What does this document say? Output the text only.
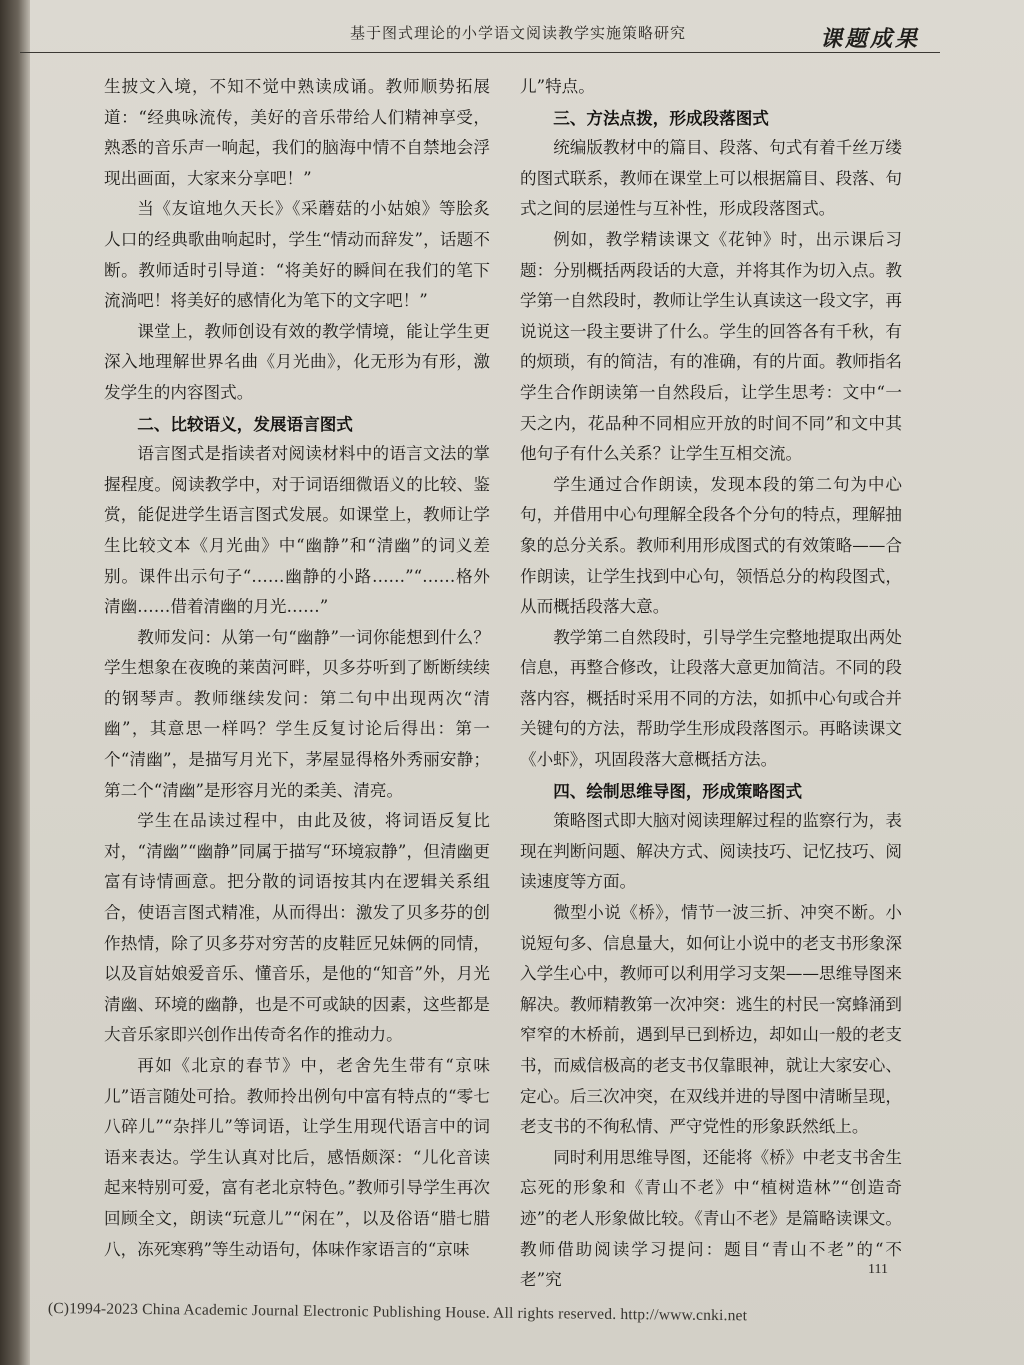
基于图式理论的小学语文阅读教学实施策略研究	课题成果

生披文入境，不知不觉中熟读成诵。教师顺势拓展道：“经典咏流传，美好的音乐带给人们精神享受，熟悉的音乐声一响起，我们的脑海中情不自禁地会浮现出画面，大家来分享吧！”

当《友谊地久天长》《采蘑菇的小姑娘》等脍炙人口的经典歌曲响起时，学生“情动而辞发”，话题不断。教师适时引导道：“将美好的瞬间在我们的笔下流淌吧！将美好的感情化为笔下的文字吧！”

课堂上，教师创设有效的教学情境，能让学生更深入地理解世界名曲《月光曲》，化无形为有形，激发学生的内容图式。

二、比较语义，发展语言图式

语言图式是指读者对阅读材料中的语言文法的掌握程度。阅读教学中，对于词语细微语义的比较、鉴赏，能促进学生语言图式发展。如课堂上，教师让学生比较文本《月光曲》中“幽静”和“清幽”的词义差别。课件出示句子“……幽静的小路……”“……格外清幽……借着清幽的月光……”

教师发问：从第一句“幽静”一词你能想到什么？学生想象在夜晚的莱茵河畔，贝多芬听到了断断续续的钢琴声。教师继续发问：第二句中出现两次“清幽”，其意思一样吗？学生反复讨论后得出：第一个“清幽”，是描写月光下，茅屋显得格外秀丽安静；第二个“清幽”是形容月光的柔美、清亮。

学生在品读过程中，由此及彼，将词语反复比对，“清幽”“幽静”同属于描写“环境寂静”，但清幽更富有诗情画意。把分散的词语按其内在逻辑关系组合，使语言图式精准，从而得出：激发了贝多芬的创作热情，除了贝多芬对穷苦的皮鞋匠兄妹俩的同情，以及盲姑娘爱音乐、懂音乐，是他的“知音”外，月光清幽、环境的幽静，也是不可或缺的因素，这些都是大音乐家即兴创作出传奇名作的推动力。

再如《北京的春节》中，老舍先生带有“京味儿”语言随处可拾。教师拎出例句中富有特点的“零七八碎儿”“杂拌儿”等词语，让学生用现代语言中的词语来表达。学生认真对比后，感悟颇深：“儿化音读起来特别可爱，富有老北京特色。”教师引导学生再次回顾全文，朗读“玩意儿”“闲在”，以及俗语“腊七腊八，冻死寒鸦”等生动语句，体味作家语言的“京味

儿”特点。

三、方法点拨，形成段落图式

统编版教材中的篇目、段落、句式有着千丝万缕的图式联系，教师在课堂上可以根据篇目、段落、句式之间的层递性与互补性，形成段落图式。

例如，教学精读课文《花钟》时，出示课后习题：分别概括两段话的大意，并将其作为切入点。教学第一自然段时，教师让学生认真读这一段文字，再说说这一段主要讲了什么。学生的回答各有千秋，有的烦琐，有的简洁，有的准确，有的片面。教师指名学生合作朗读第一自然段后，让学生思考：文中“一天之内，花品种不同相应开放的时间不同”和文中其他句子有什么关系？让学生互相交流。

学生通过合作朗读，发现本段的第二句为中心句，并借用中心句理解全段各个分句的特点，理解抽象的总分关系。教师利用形成图式的有效策略——合作朗读，让学生找到中心句，领悟总分的构段图式，从而概括段落大意。

教学第二自然段时，引导学生完整地提取出两处信息，再整合修改，让段落大意更加简洁。不同的段落内容，概括时采用不同的方法，如抓中心句或合并关键句的方法，帮助学生形成段落图示。再略读课文《小虾》，巩固段落大意概括方法。

四、绘制思维导图，形成策略图式

策略图式即大脑对阅读理解过程的监察行为，表现在判断问题、解决方式、阅读技巧、记忆技巧、阅读速度等方面。

微型小说《桥》，情节一波三折、冲突不断。小说短句多、信息量大，如何让小说中的老支书形象深入学生心中，教师可以利用学习支架——思维导图来解决。教师精教第一次冲突：逃生的村民一窝蜂涌到窄窄的木桥前，遇到早已到桥边，却如山一般的老支书，而威信极高的老支书仅靠眼神，就让大家安心、定心。后三次冲突，在双线并进的导图中清晰呈现，老支书的不徇私情、严守党性的形象跃然纸上。

同时利用思维导图，还能将《桥》中老支书舍生忘死的形象和《青山不老》中“植树造林”“创造奇迹”的老人形象做比较。《青山不老》是篇略读课文。教师借助阅读学习提问：题目“青山不老”的“不老”究

111
(C)1994-2023 China Academic Journal Electronic Publishing House. All rights reserved. http://www.cnki.net
